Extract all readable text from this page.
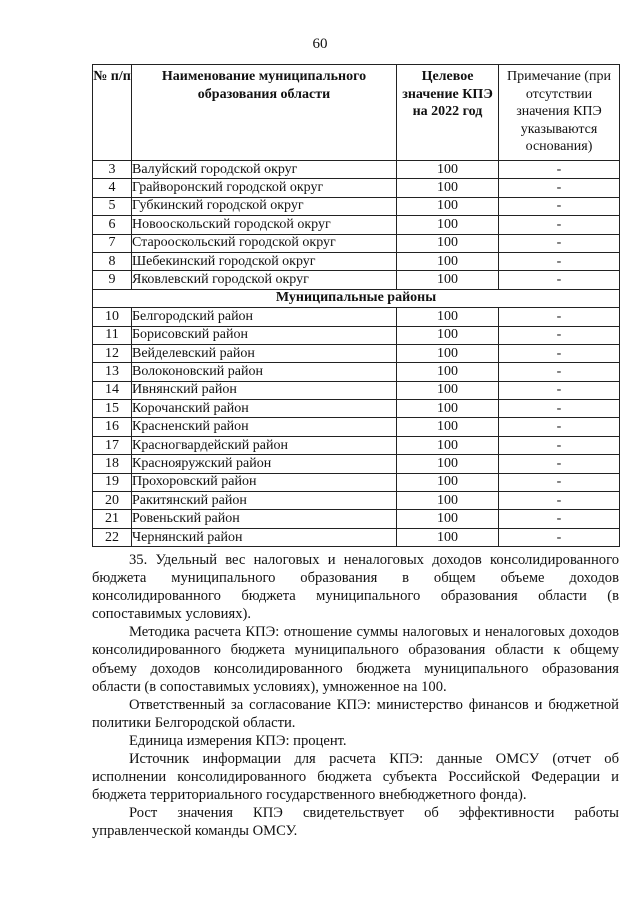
60
№ п/п	Наименование муниципального образования области	Целевое значение КПЭ на 2022 год	Примечание (при отсутствии значения КПЭ указываются основания)
3	Валуйский городской округ	100	-
4	Грайворонский городской округ	100	-
5	Губкинский городской округ	100	-
6	Новооскольский городской округ	100	-
7	Старооскольский городской округ	100	-
8	Шебекинский городской округ	100	-
9	Яковлевский городской округ	100	-
Муниципальные районы			
10	Белгородский район	100	-
11	Борисовский район	100	-
12	Вейделевский район	100	-
13	Волоконовский район	100	-
14	Ивнянский район	100	-
15	Корочанский район	100	-
16	Красненский район	100	-
17	Красногвардейский район	100	-
18	Краснояружский район	100	-
19	Прохоровский район	100	-
20	Ракитянский район	100	-
21	Ровеньский район	100	-
22	Чернянский район	100	-

35. Удельный вес налоговых и неналоговых доходов консолидированного бюджета муниципального образования в общем объеме доходов консолидированного бюджета муниципального образования области (в сопоставимых условиях).

Методика расчета КПЭ: отношение суммы налоговых и неналоговых доходов консолидированного бюджета муниципального образования области к общему объему доходов консолидированного бюджета муниципального образования области (в сопоставимых условиях), умноженное на 100.

Ответственный за согласование КПЭ: министерство финансов и бюджетной политики Белгородской области.

Единица измерения КПЭ: процент.

Источник информации для расчета КПЭ: данные ОМСУ (отчет об исполнении консолидированного бюджета субъекта Российской Федерации и бюджета территориального государственного внебюджетного фонда).

Рост значения КПЭ свидетельствует об эффективности работы управленческой команды ОМСУ.
